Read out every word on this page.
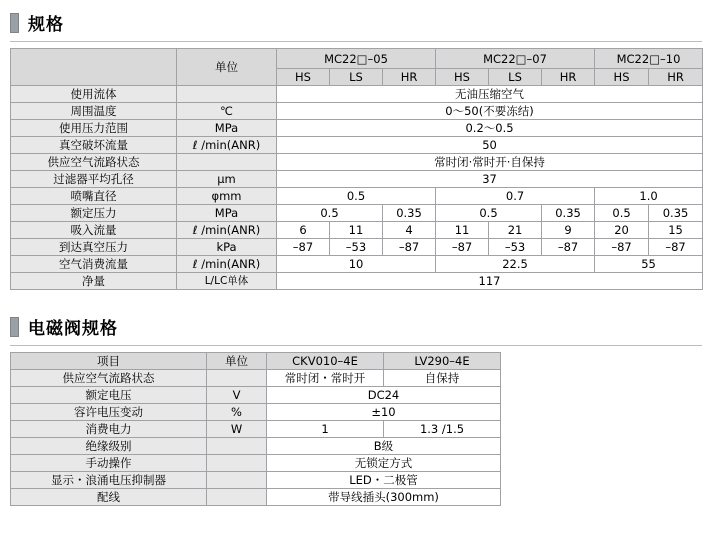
规格
	单位	MC22□–05			MC22□–07			MC22□–10	
		HS	LS	HR	HS	LS	HR	HS	HR
使用流体		无油压缩空气							
周围温度	℃	0～50(不要冻结)							
使用压力范围	MPa	0.2～0.5							
真空破坏流量	ℓ /min(ANR)	50							
供应空气流路状态		常时闭·常时开·自保持							
过滤器平均孔径	μm	37							
喷嘴直径	φmm	0.5			0.7			1.0	
额定压力	MPa	0.5		0.35	0.5		0.35	0.5	0.35
吸入流量	ℓ /min(ANR)	6	11	4	11	21	9	20	15
到达真空压力	kPa	–87	–53	–87	–87	–53	–87	–87	–87
空气消费流量	ℓ /min(ANR)	10			22.5			55	
净量	L/LC单体	117							
电磁阀规格
项目	单位	CKV010–4E	LV290–4E
供应空气流路状态		常时闭・常时开	自保持
额定电压	V	DC24	
容许电压变动	%	±10	
消费电力	W	1	1.3 /1.5
绝缘级别		B级	
手动操作		无锁定方式	
显示・浪涌电压抑制器		LED・二极管	
配线		带导线插头(300mm)	
